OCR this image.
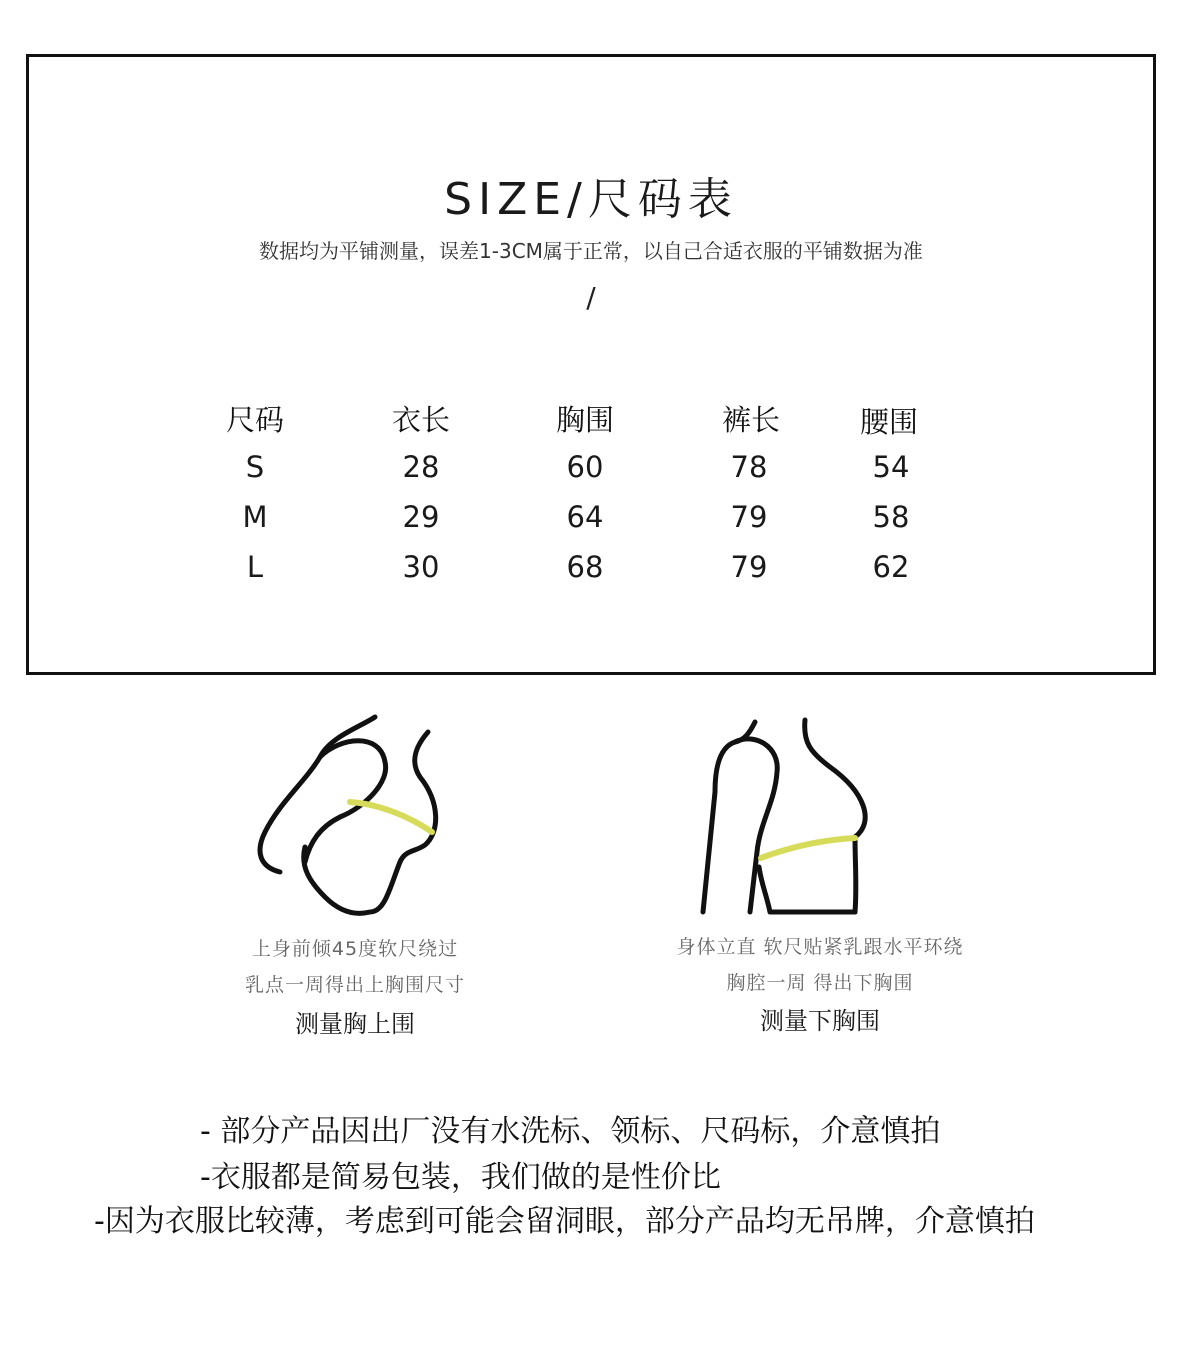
SIZE/尺码表
数据均为平铺测量，误差1-3CM属于正常，以自己合适衣服的平铺数据为准
/
尺码	衣长	胸围	裤长	腰围
S	28	60	78	54
M	29	64	79	58
L	30	68	79	62
上身前倾45度软尺绕过
乳点一周得出上胸围尺寸
测量胸上围
身体立直 软尺贴紧乳跟水平环绕
胸腔一周 得出下胸围
测量下胸围
- 部分产品因出厂没有水洗标、领标、尺码标，介意慎拍
-衣服都是简易包装，我们做的是性价比
-因为衣服比较薄，考虑到可能会留洞眼，部分产品均无吊牌，介意慎拍
